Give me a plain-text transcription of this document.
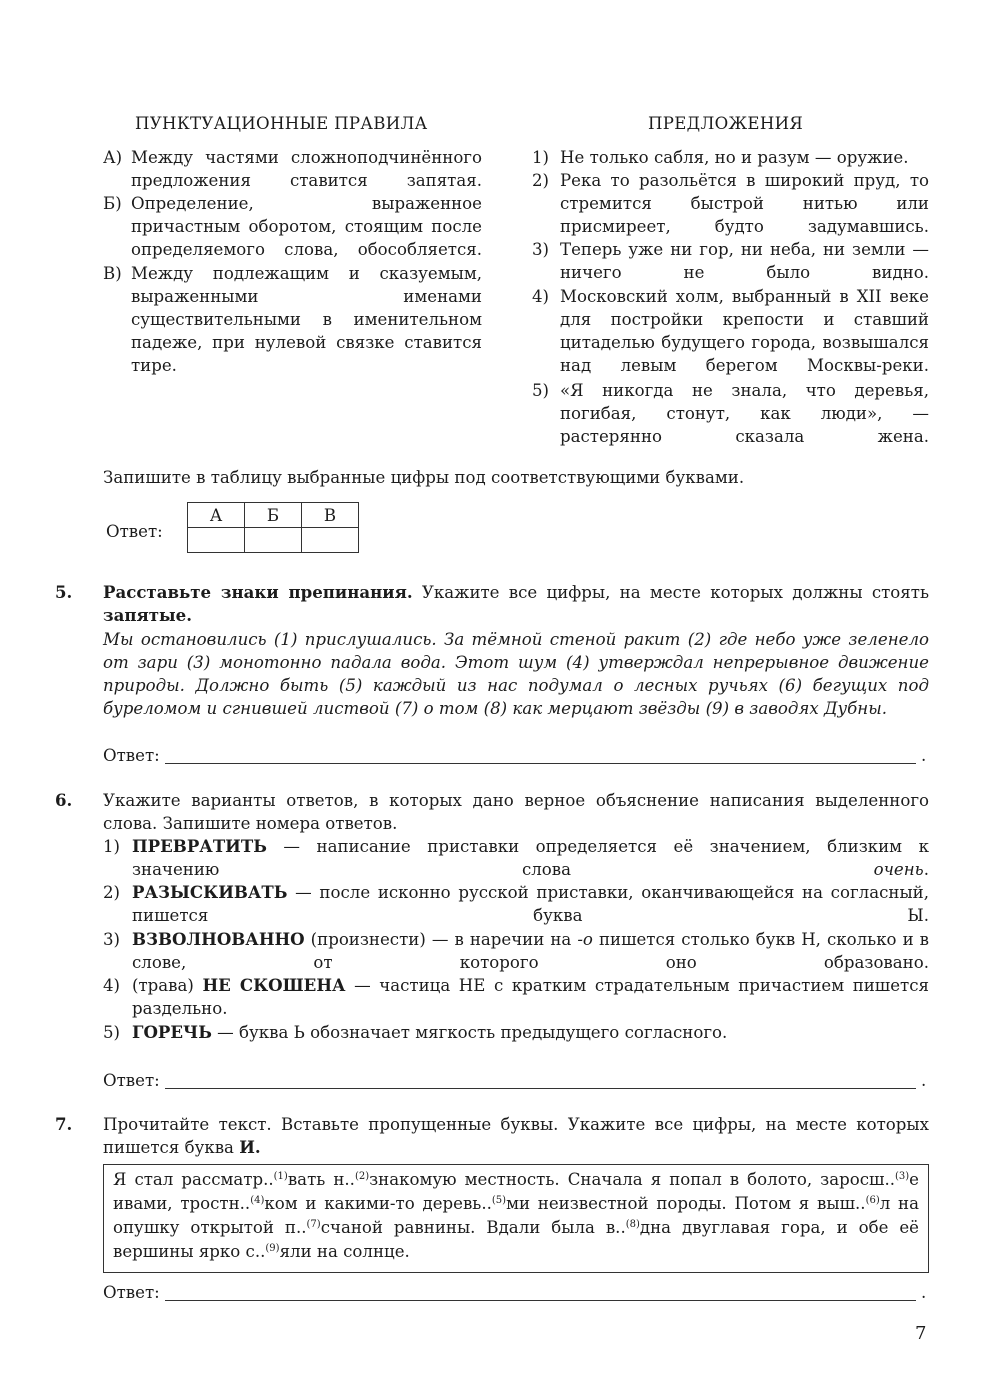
ПУНКТУАЦИОННЫЕ ПРАВИЛА	ПРЕДЛОЖЕНИЯ
А) Между частями сложноподчинённого предложения ставится запятая.
Б) Определение, выраженное причастным оборотом, стоящим после определяемого слова, обособляется.
В) Между подлежащим и сказуемым, выраженными именами существительными в именительном падеже, при нулевой связке ставится тире.
1) Не только сабля, но и разум — оружие.
2) Река то разольётся в широкий пруд, то стремится быстрой нитью или присмиреет, будто задумавшись.
3) Теперь уже ни гор, ни неба, ни земли — ничего не было видно.
4) Московский холм, выбранный в XII веке для постройки крепости и ставший цитаделью будущего города, возвышался над левым берегом Москвы-реки.
5) «Я никогда не знала, что деревья, погибая, стонут, как люди», — растерянно сказала жена.
Запишите в таблицу выбранные цифры под соответствующими буквами.
Ответ:
А	Б	В

5. Расставьте знаки препинания. Укажите все цифры, на месте которых должны стоять запятые.
Мы остановились (1) прислушались. За тёмной стеной ракит (2) где небо уже зеленело от зари (3) монотонно падала вода. Этот шум (4) утверждал непрерывное движение природы. Должно быть (5) каждый из нас подумал о лесных ручьях (6) бегущих под буреломом и сгнившей листвой (7) о том (8) как мерцают звёзды (9) в заводях Дубны.
Ответ:	.
6. Укажите варианты ответов, в которых дано верное объяснение написания выделенного слова. Запишите номера ответов.
1) ПРЕВРАТИТЬ — написание приставки определяется её значением, близким к значению слова очень.
2) РАЗЫСКИВАТЬ — после исконно русской приставки, оканчивающейся на согласный, пишется буква Ы.
3) ВЗВОЛНОВАННО (произнести) — в наречии на -о пишется столько букв Н, сколько и в слове, от которого оно образовано.
4) (трава) НЕ СКОШЕНА — частица НЕ с кратким страдательным причастием пишется раздельно.
5) ГОРЕЧЬ — буква Ь обозначает мягкость предыдущего согласного.
Ответ:	.
7. Прочитайте текст. Вставьте пропущенные буквы. Укажите все цифры, на месте которых пишется буква И.
Я стал рассматр..$^{(1)}$вать н..$^{(2)}$знакомую местность. Сначала я попал в болото, заросш..$^{(3)}$е ивами, тростн..$^{(4)}$ком и какими-то деревь..$^{(5)}$ми неизвестной породы. Потом я выш..$^{(6)}$л на опушку открытой п..$^{(7)}$счаной равнины. Вдали была в..$^{(8)}$дна двуглавая гора, и обе её вершины ярко с..$^{(9)}$яли на солнце.
Ответ:	.
7
